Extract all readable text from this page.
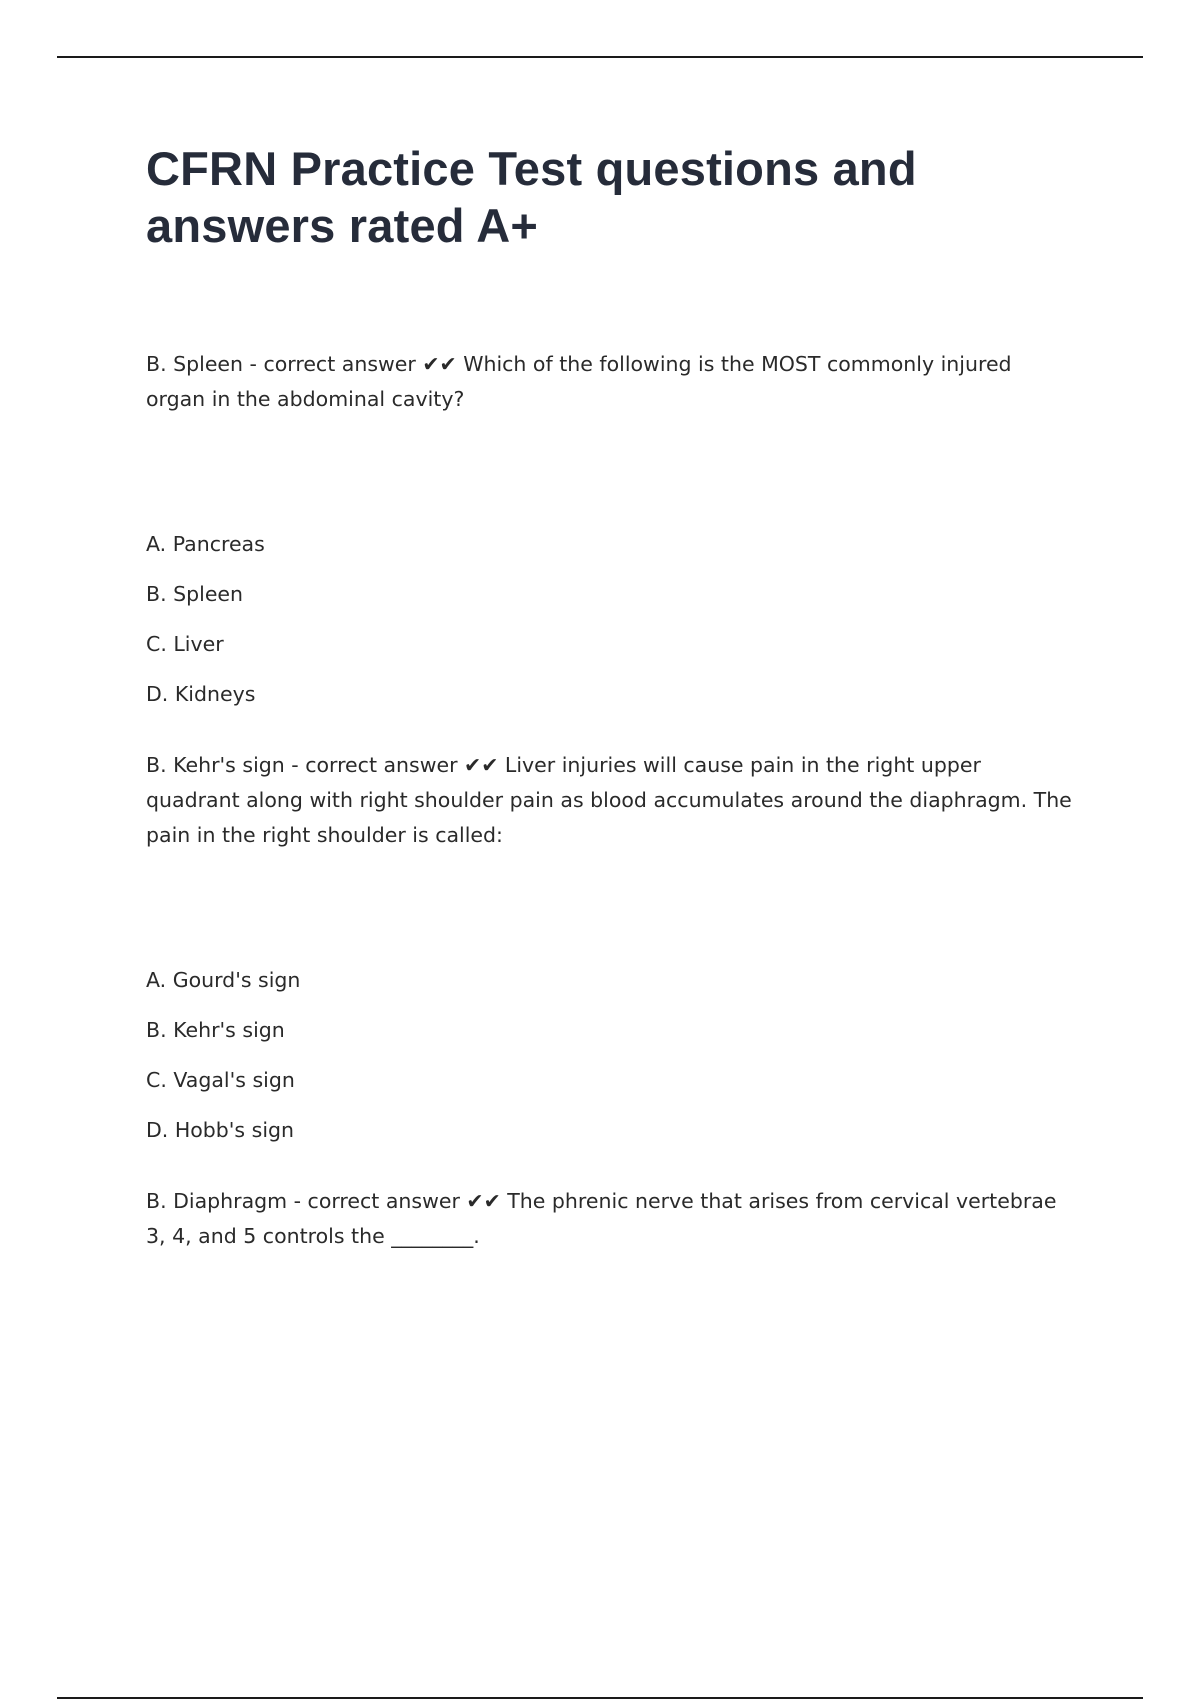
CFRN Practice Test questions and answers rated A+

B. Spleen - correct answer ✔✔ Which of the following is the MOST commonly injured organ in the abdominal cavity?

A. Pancreas
B. Spleen
C. Liver
D. Kidneys

B. Kehr's sign - correct answer ✔✔ Liver injuries will cause pain in the right upper quadrant along with right shoulder pain as blood accumulates around the diaphragm. The pain in the right shoulder is called:

A. Gourd's sign
B. Kehr's sign
C. Vagal's sign
D. Hobb's sign

B. Diaphragm - correct answer ✔✔ The phrenic nerve that arises from cervical vertebrae 3, 4, and 5 controls the ________.
